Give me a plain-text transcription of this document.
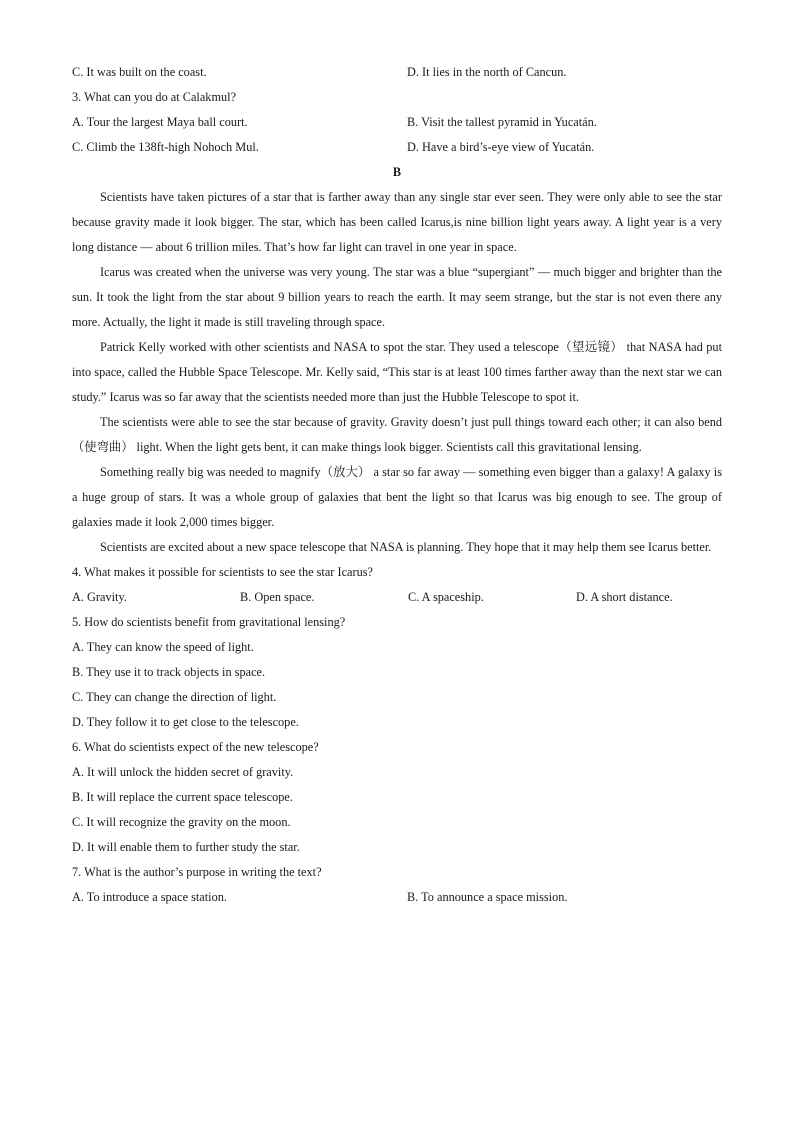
C. It was built on the coast.	D. It lies in the north of Cancun.
3. What can you do at Calakmul?
A. Tour the largest Maya ball court.	B. Visit the tallest pyramid in Yucatán.
C. Climb the 138ft-high Nohoch Mul.	D. Have a bird’s-eye view of Yucatán.
B

Scientists have taken pictures of a star that is farther away than any single star ever seen. They were only able to see the star because gravity made it look bigger. The star, which has been called Icarus,is nine billion light years away. A light year is a very long distance — about 6 trillion miles. That’s how far light can travel in one year in space.

Icarus was created when the universe was very young. The star was a blue “supergiant” — much bigger and brighter than the sun. It took the light from the star about 9 billion years to reach the earth. It may seem strange, but the star is not even there any more. Actually, the light it made is still traveling through space.

Patrick Kelly worked with other scientists and NASA to spot the star. They used a telescope（望远镜） that NASA had put into space, called the Hubble Space Telescope. Mr. Kelly said, “This star is at least 100 times farther away than the next star we can study.” Icarus was so far away that the scientists needed more than just the Hubble Telescope to spot it.

The scientists were able to see the star because of gravity. Gravity doesn’t just pull things toward each other; it can also bend（使弯曲） light. When the light gets bent, it can make things look bigger. Scientists call this gravitational lensing.

Something really big was needed to magnify（放大） a star so far away — something even bigger than a galaxy! A galaxy is a huge group of stars. It was a whole group of galaxies that bent the light so that Icarus was big enough to see. The group of galaxies made it look 2,000 times bigger.

Scientists are excited about a new space telescope that NASA is planning. They hope that it may help them see Icarus better.

4. What makes it possible for scientists to see the star Icarus?
A. Gravity.	B. Open space.	C. A spaceship.	D. A short distance.
5. How do scientists benefit from gravitational lensing?
A. They can know the speed of light.
B. They use it to track objects in space.
C. They can change the direction of light.
D. They follow it to get close to the telescope.
6. What do scientists expect of the new telescope?
A. It will unlock the hidden secret of gravity.
B. It will replace the current space telescope.
C. It will recognize the gravity on the moon.
D. It will enable them to further study the star.
7. What is the author’s purpose in writing the text?
A. To introduce a space station.	B. To announce a space mission.
